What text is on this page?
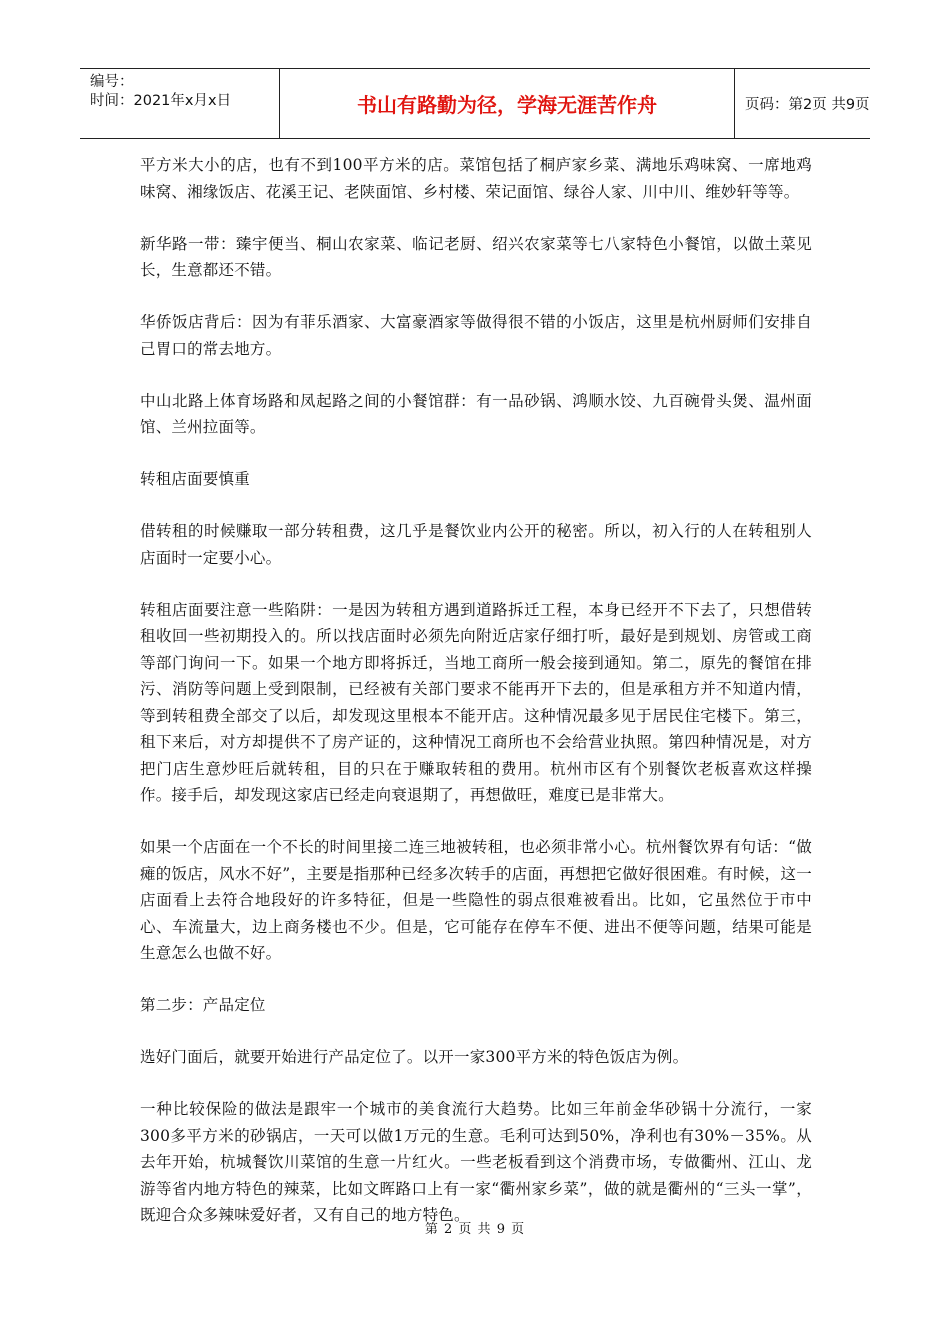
编号：
时间：2021年x月x日	书山有路勤为径，学海无涯苦作舟	页码：第2页 共9页

平方米大小的店，也有不到100平方米的店。菜馆包括了桐庐家乡菜、满地乐鸡味窝、一席地鸡味窝、湘缘饭店、花溪王记、老陕面馆、乡村楼、荣记面馆、绿谷人家、川中川、维妙轩等等。

新华路一带：臻宇便当、桐山农家菜、临记老厨、绍兴农家菜等七八家特色小餐馆，以做土菜见长，生意都还不错。

华侨饭店背后：因为有菲乐酒家、大富豪酒家等做得很不错的小饭店，这里是杭州厨师们安排自己胃口的常去地方。

中山北路上体育场路和凤起路之间的小餐馆群：有一品砂锅、鸿顺水饺、九百碗骨头煲、温州面馆、兰州拉面等。

转租店面要慎重

借转租的时候赚取一部分转租费，这几乎是餐饮业内公开的秘密。所以，初入行的人在转租别人店面时一定要小心。

转租店面要注意一些陷阱：一是因为转租方遇到道路拆迁工程，本身已经开不下去了，只想借转租收回一些初期投入的。所以找店面时必须先向附近店家仔细打听，最好是到规划、房管或工商等部门询问一下。如果一个地方即将拆迁，当地工商所一般会接到通知。第二，原先的餐馆在排污、消防等问题上受到限制，已经被有关部门要求不能再开下去的，但是承租方并不知道内情，等到转租费全部交了以后，却发现这里根本不能开店。这种情况最多见于居民住宅楼下。第三，租下来后，对方却提供不了房产证的，这种情况工商所也不会给营业执照。第四种情况是，对方把门店生意炒旺后就转租，目的只在于赚取转租的费用。杭州市区有个别餐饮老板喜欢这样操作。接手后，却发现这家店已经走向衰退期了，再想做旺，难度已是非常大。

如果一个店面在一个不长的时间里接二连三地被转租，也必须非常小心。杭州餐饮界有句话：“做瘫的饭店，风水不好”，主要是指那种已经多次转手的店面，再想把它做好很困难。有时候，这一店面看上去符合地段好的许多特征，但是一些隐性的弱点很难被看出。比如，它虽然位于市中心、车流量大，边上商务楼也不少。但是，它可能存在停车不便、进出不便等问题，结果可能是生意怎么也做不好。

第二步：产品定位

选好门面后，就要开始进行产品定位了。以开一家300平方米的特色饭店为例。

一种比较保险的做法是跟牢一个城市的美食流行大趋势。比如三年前金华砂锅十分流行，一家300多平方米的砂锅店，一天可以做1万元的生意。毛利可达到50%，净利也有30%－35%。从去年开始，杭城餐饮川菜馆的生意一片红火。一些老板看到这个消费市场，专做衢州、江山、龙游等省内地方特色的辣菜，比如文晖路口上有一家“衢州家乡菜”，做的就是衢州的“三头一掌”，既迎合众多辣味爱好者，又有自己的地方特色。

第 2 页 共 9 页
